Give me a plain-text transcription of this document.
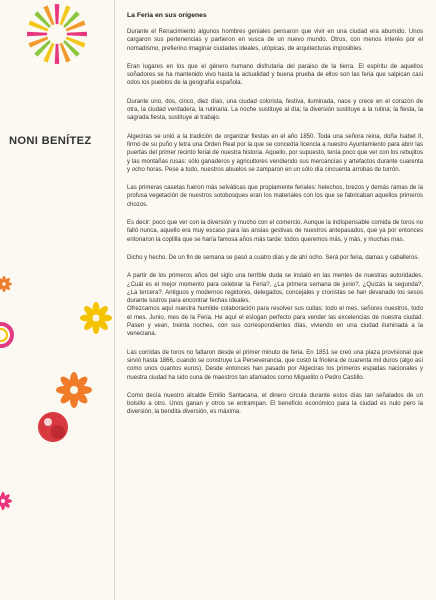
NONI BENÍTEZ
La Feria en sus orígenes

Durante el Renacimiento algunos hombres geniales pensaron que vivir en una ciudad era abumido. Unos cargaron sus pertenencias y partieron en vusca de un nuevo mundo. Otros, con menos interés por el nomadismo, prefierino imaginar ciudades ideales, utópicas, de arquitecturas imposibles.

Eran lugares en los que el género humano disfrutaria del paraiso de la tierra. El espíritu de aquellos soñadores se ha mantenido vivo hasta la actualidad y buena prueba de ellos son las feria que salpican casi odos los pueblos de la geografía española.

Durante uno, dos, cinco, diez días, una ciudad colorista, festiva, iluminada, nace y crece en el corazón de otra, la ciudad verdadera, la rutinaria. La noche sustituye al día; la diversión sustituye a la rutina; la fiesta, la sagrada fiesta, sustituye al trabajo.

Algeciras se unió a la tradición de organizar fiestas en el año 1850. Toda una señora reina, doña Isabel II, firmó de su puño y letra una Orden Real por la que se concedía licencia a nuestro Ayuntamiento para abrir las puertas del primer recinto ferial de nuestra historia. Aquello, por supuesto, tenía poco que ver con los rebujitos y las montañas rusas: sólo ganaderos y agricultores vendiendo sus mercancías y artefactos durante cuarenta y ocho horas. Pese a todo, nuestros abuelos se zamparon en un sólo día cincuenta arrobas de turrón.

Las primeras casetas fueron más selváticas que propiamente feriales: helechos, brezos y demás ramas de la profusa vegetación de nuestros sotobosques eran los materiales con los que se fabricaban aquellos primeros chozos.

Es decir: poco que ver con la diversión y mucho con el comercio. Aunque la indispensable comida de toros no falló nunca, aquello era muy escaso para las ansias gestivas de nuestros antepasados, que ya por entonces entonaron la coplilla que se haría famosa años más tarde: todos queremos más, y más, y muchas mas.

Dicho y hecho. De un fin de semana se pasó a cuatro días y de ahí ocho. Será por feria, damas y caballeros.

A partir de los primeros años del siglo una terrible duda se instaló en las mentes de nuestras autoridades. ¿Cuál es el mejor momento para celebrar la Feria?, ¿La primera semana de junio?, ¿Quizás la segunda?, ¿La tercera?. Antiguos y modernos regidores, delegados, concejales y cronistas se han devanado los sesos durante lustros para encontrar fechas ideales.

Ofrezcamos aquí nuestra humilde colaboración para resolver sus cuitas: todo el mes, señores nuestros, todo el mes. Junio, mes de la Feria. He aquí el eslogan perfecto para vender las excelencias de nuestra ciudad. Pasen y vean, treinta noches, con sus correspondientes días, viviendo en una ciudad iluminada a la veneciana.

Las corridas de toros no faltaron desde el primer minuto de feria. En 1851 se creó una plaza provisional que sirvió hasta 1866, cuando se construye La Perseverancia, que costó la friolera de cuarenta mil duros (algo así como unos cuantos euros). Desde entonces han pasado por Algeciras los primeros espadas nacionales y nuestra ciudad ha sido cuna de maestros tan afamados como Miguelito o Pedro Castillo.

Como decía nuestro alcalde Emilio Santacana, el dinero circula durante estos días tan señalados de un bolsillo a otro. Unos ganan y otros se entrampan. El beneficio económico para la ciudad es nulo pero la diversión, la bendita diversión, es máxima.
